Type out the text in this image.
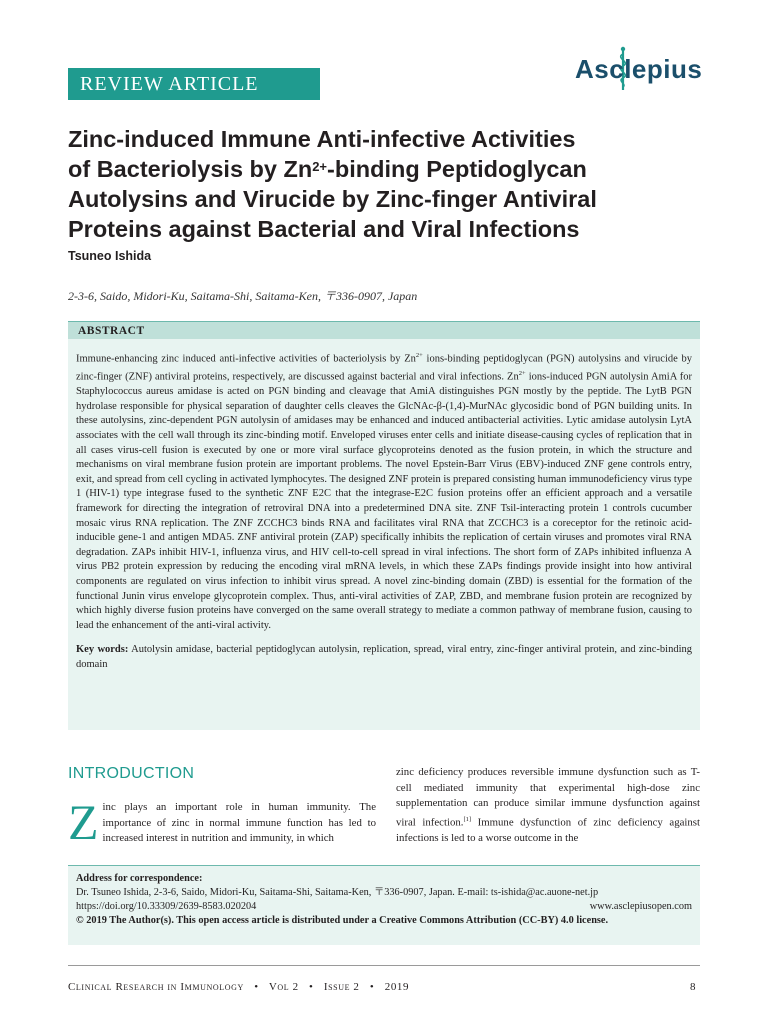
REVIEW ARTICLE	Asclepius
Zinc-induced Immune Anti-infective Activities
of Bacteriolysis by $Zn^{2+}$-binding Peptidoglycan
Autolysins and Virucide by Zinc-finger Antiviral
Proteins against Bacterial and Viral Infections
Tsuneo Ishida
2-3-6, Saido, Midori-Ku, Saitama-Shi, Saitama-Ken, 〒336-0907, Japan
ABSTRACT

Immune-enhancing zinc induced anti-infective activities of bacteriolysis by $Zn^{2+}$ ions-binding peptidoglycan (PGN) autolysins and virucide by zinc-finger (ZNF) antiviral proteins, respectively, are discussed against bacterial and viral infections. $Zn^{2+}$ ions-induced PGN autolysin AmiA for Staphylococcus aureus amidase is acted on PGN binding and cleavage that AmiA distinguishes PGN mostly by the peptide. The LytB PGN hydrolase responsible for physical separation of daughter cells cleaves the GlcNAc-β-(1,4)-MurNAc glycosidic bond of PGN building units. In these autolysins, zinc-dependent PGN autolysin of amidases may be enhanced and induced antibacterial activities. Lytic amidase autolysin LytA associates with the cell wall through its zinc-binding motif. Enveloped viruses enter cells and initiate disease-causing cycles of replication that in all cases virus-cell fusion is executed by one or more viral surface glycoproteins denoted as the fusion protein, in which the structure and mechanisms on viral membrane fusion protein are important problems. The novel Epstein-Barr Virus (EBV)-induced ZNF gene controls entry, exit, and spread from cell cycling in activated lymphocytes. The designed ZNF protein is prepared consisting human immunodeficiency virus type 1 (HIV-1) type integrase fused to the synthetic ZNF E2C that the integrase-E2C fusion proteins offer an efficient approach and a versatile framework for directing the integration of retroviral DNA into a predetermined DNA site. ZNF Tsil-interacting protein 1 controls cucumber mosaic virus RNA replication. The ZNF ZCCHC3 binds RNA and facilitates viral RNA that ZCCHC3 is a coreceptor for the retinoic acid-inducible gene-1 and antigen MDA5. ZNF antiviral protein (ZAP) specifically inhibits the replication of certain viruses and promotes viral RNA degradation. ZAPs inhibit HIV-1, influenza virus, and HIV cell-to-cell spread in viral infections. The short form of ZAPs inhibited influenza A virus PB2 protein expression by reducing the encoding viral mRNA levels, in which these ZAPs findings provide insight into how antiviral components are regulated on virus infection to inhibit virus spread. A novel zinc-binding domain (ZBD) is essential for the formation of the functional Junin virus envelope glycoprotein complex. Thus, anti-viral activities of ZAP, ZBD, and membrane fusion protein are recognized by which highly diverse fusion proteins have converged on the same overall strategy to mediate a common pathway of membrane fusion, causing to lead the enhancement of the anti-viral activity.

Key words: Autolysin amidase, bacterial peptidoglycan autolysin, replication, spread, viral entry, zinc-finger antiviral protein, and zinc-binding domain

INTRODUCTION
Zinc plays an important role in human immunity. The importance of zinc in normal immune function has led to increased interest in nutrition and immunity, in which
zinc deficiency produces reversible immune dysfunction such as T-cell mediated immunity that experimental high-dose zinc supplementation can produce similar immune dysfunction against viral infection.[1] Immune dysfunction of zinc deficiency against infections is led to a worse outcome in the
Address for correspondence:
Dr. Tsuneo Ishida, 2-3-6, Saido, Midori-Ku, Saitama-Shi, Saitama-Ken, 〒336-0907, Japan. E-mail: ts-ishida@ac.auone-net.jp
https://doi.org/10.33309/2639-8583.020204	www.asclepiusopen.com
© 2019 The Author(s). This open access article is distributed under a Creative Commons Attribution (CC-BY) 4.0 license.
Clinical Research in Immunology • Vol 2 • Issue 2 • 2019	8
